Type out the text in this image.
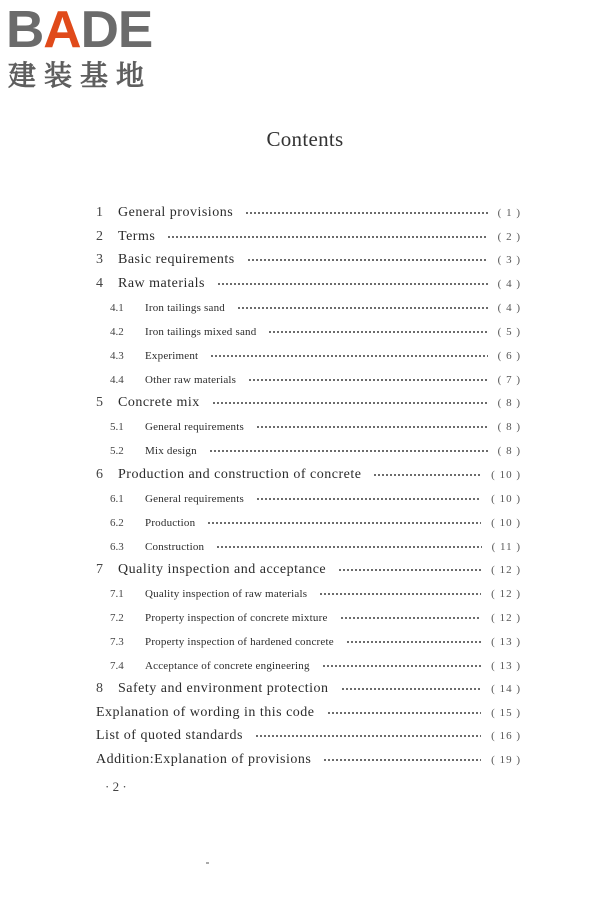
BADE
建装基地
Contents
1	General provisions	( 1 )
2	Terms	( 2 )
3	Basic requirements	( 3 )
4	Raw materials	( 4 )
4.1	Iron tailings sand	( 4 )
4.2	Iron tailings mixed sand	( 5 )
4.3	Experiment	( 6 )
4.4	Other raw materials	( 7 )
5	Concrete mix	( 8 )
5.1	General requirements	( 8 )
5.2	Mix design	( 8 )
6	Production and construction of concrete	( 10 )
6.1	General requirements	( 10 )
6.2	Production	( 10 )
6.3	Construction	( 11 )
7	Quality inspection and acceptance	( 12 )
7.1	Quality inspection of raw materials	( 12 )
7.2	Property inspection of concrete mixture	( 12 )
7.3	Property inspection of hardened concrete	( 13 )
7.4	Acceptance of concrete engineering	( 13 )
8	Safety and environment protection	( 14 )
Explanation of wording in this code	( 15 )
List of quoted standards	( 16 )
Addition:Explanation of provisions	( 19 )
· 2 ·
